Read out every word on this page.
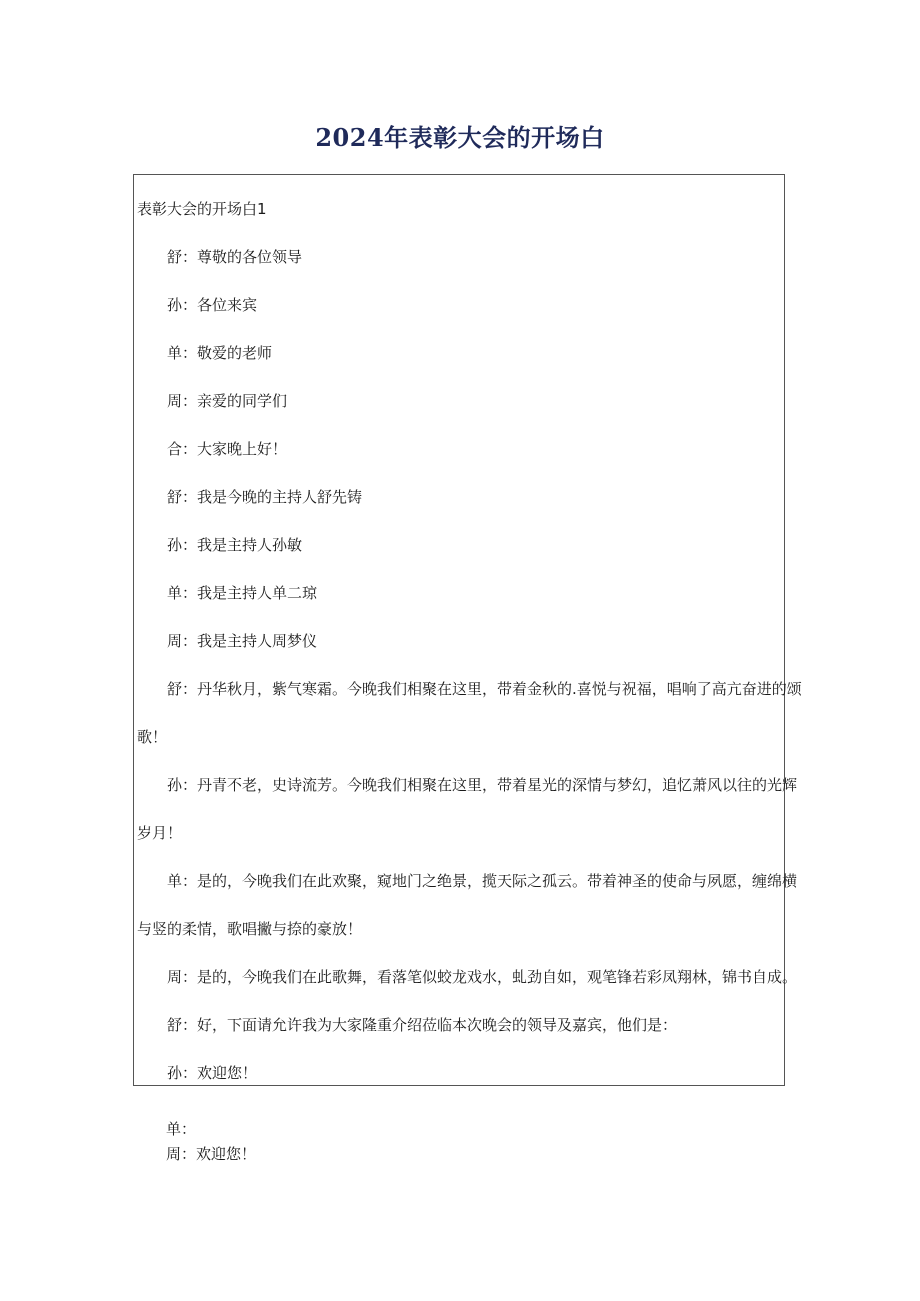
2024年表彰大会的开场白
表彰大会的开场白1
舒：尊敬的各位领导
孙：各位来宾
单：敬爱的老师
周：亲爱的同学们
合：大家晚上好！
舒：我是今晚的主持人舒先铸
孙：我是主持人孙敏
单：我是主持人单二琼
周：我是主持人周梦仪
舒：丹华秋月，紫气寒霜。今晚我们相聚在这里，带着金秋的.喜悦与祝福，唱响了高亢奋进的颂
歌！
孙：丹青不老，史诗流芳。今晚我们相聚在这里，带着星光的深情与梦幻，追忆萧风以往的光辉
岁月！
单：是的，今晚我们在此欢聚，窥地门之绝景，揽天际之孤云。带着神圣的使命与夙愿，缠绵横
与竖的柔情，歌唱撇与捺的豪放！
周：是的，今晚我们在此歌舞，看落笔似蛟龙戏水，虬劲自如，观笔锋若彩凤翔林，锦书自成。
舒：好，下面请允许我为大家隆重介绍莅临本次晚会的领导及嘉宾，他们是：
孙：欢迎您！
单：
周：欢迎您！
